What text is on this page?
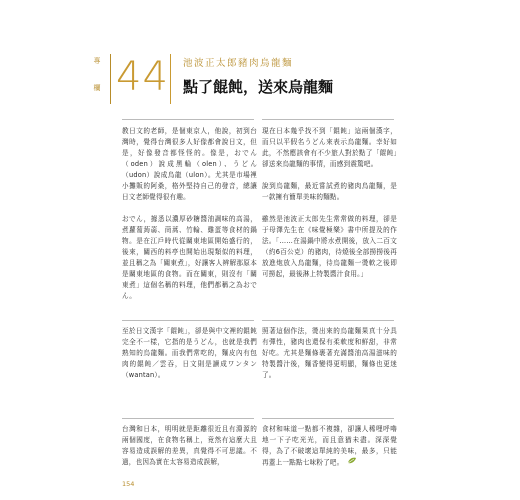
專
欄 44 池波正太郎豬肉烏龍麵
點了餛飩，送來烏龍麵

教日文的老師，是個東京人，他說，初到台灣時，覺得台灣很多人好像都會說日文，但是，好像發音都怪怪的。像是，おでん（oden）說成黑輪（olen）、うどん（udon）說成烏龍（ulon）。尤其是市場裡小攤販的阿桑，格外堅持自己的發音，總讓日文老師覺得很有趣。

おでん，據悉以濃厚砂糖醬油調味的高湯，煮蘿蔔蒟蒻、茼蒿、竹輪、雞蛋等食材的鍋物。是在江戶時代從關東地區開始盛行的，後來，關西的料亭也開始出現類似的料理，並且稱之為「關東煮」，好讓客人辨解那原本是關東地區的食物。而在關東，則沒有「關東煮」這個名稱的料理，他們都稱之為おでん。

至於日文漢字「餛飩」，卻是與中文裡的餛飩完全不一樣，它指的是うどん，也就是我們熟知的烏龍麵。而我們常吃的，麵皮內有包肉的餛飩／雲吞，日文則是讀成ワンタン（wantan）。

台灣和日本，明明就是距離很近且有淵源的兩個國度，在食物名稱上，竟然有這麼大且容易造成誤解的差異，真覺得不可思議。不過，也因為實在太容易造成誤解，

現在日本幾乎找不到「餛飩」這兩個漢字，而只以平假名うどん來表示烏龍麵。幸好如此，不然應該會有不少旅人對於點了「餛飩」卻送來烏龍麵的事情，而感到震驚吧。

說到烏龍麵，最近嘗試煮的豬肉烏龍麵，是一款擁有簡單美味的麵點。

雖然是池波正太郎先生常常做的料理，卻是于母澤先生在《味覺極樂》書中所提及的作法。「……在湯鍋中將水煮開後，放入二百文（約6百公克）的豬肉，待燒後全部撈撈後再放進炮放入烏龍麵，待烏龍麵一燙軟之後即可撈起，最後淋上特製醬汁食用。」

照著這個作法，燙出來的烏龍麵果真十分具有彈性，豬肉也還保有柔軟度和鮮甜，非常好吃。尤其是麵條裹著充滿醬油高湯滋味的特製醬汁後，麵香變得更明顯，麵條也更迷了。

食材和味道一點都不複雜，卻讓人稀哩呼嚕地一下子吃光光，而且意猶未盡。深深覺得，為了不破壞這單純的美味，最多，只能再蓋上一點點七味粉了吧。

154
